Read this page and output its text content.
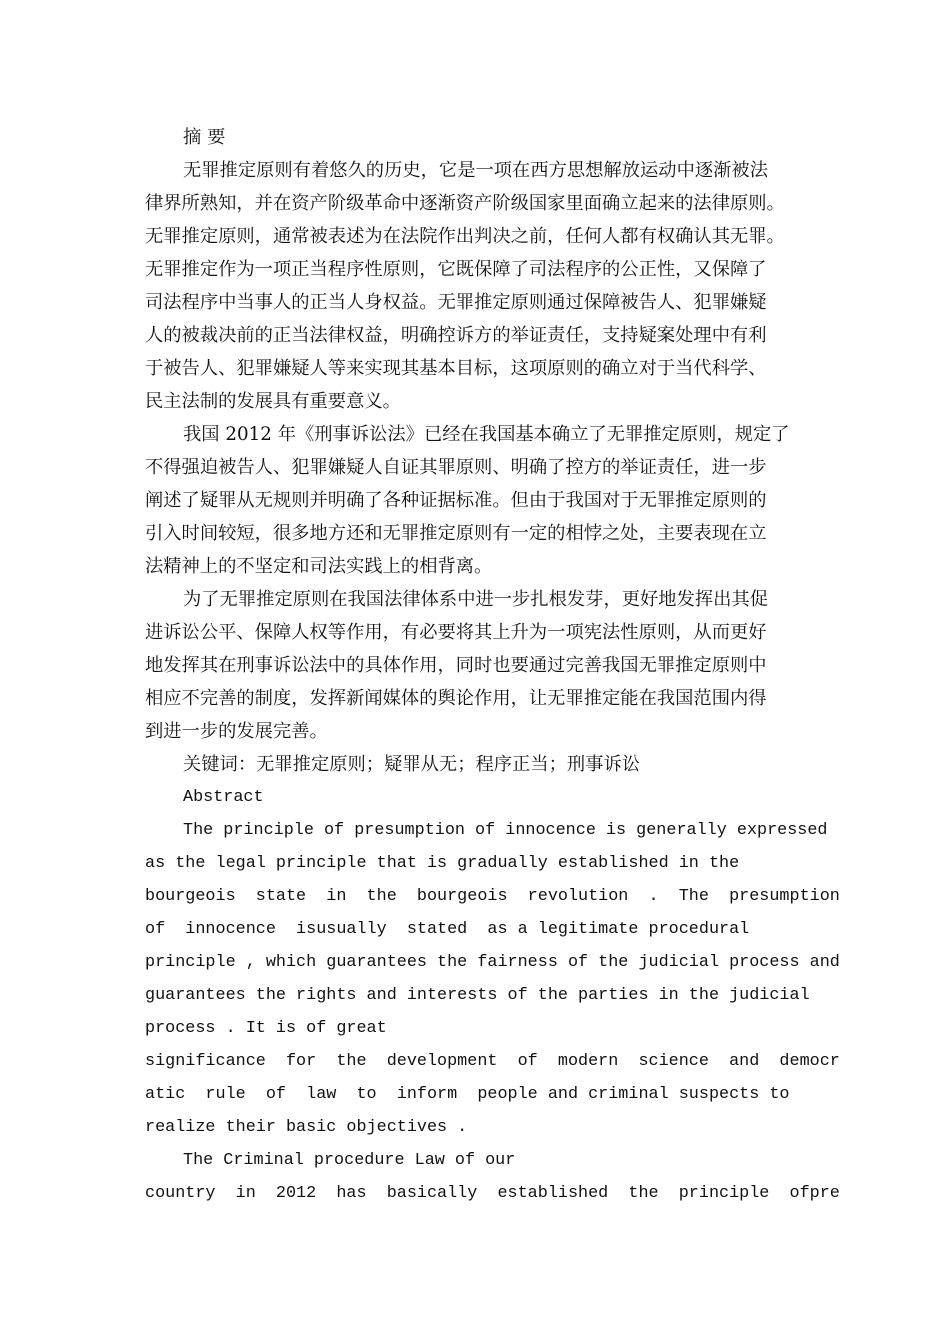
摘 要
无罪推定原则有着悠久的历史，它是一项在西方思想解放运动中逐渐被法
律界所熟知，并在资产阶级革命中逐渐资产阶级国家里面确立起来的法律原则。
无罪推定原则，通常被表述为在法院作出判决之前，任何人都有权确认其无罪。
无罪推定作为一项正当程序性原则，它既保障了司法程序的公正性，又保障了
司法程序中当事人的正当人身权益。无罪推定原则通过保障被告人、犯罪嫌疑
人的被裁决前的正当法律权益，明确控诉方的举证责任，支持疑案处理中有利
于被告人、犯罪嫌疑人等来实现其基本目标，这项原则的确立对于当代科学、
民主法制的发展具有重要意义。
我国 2012 年《刑事诉讼法》已经在我国基本确立了无罪推定原则，规定了
不得强迫被告人、犯罪嫌疑人自证其罪原则、明确了控方的举证责任，进一步
阐述了疑罪从无规则并明确了各种证据标准。但由于我国对于无罪推定原则的
引入时间较短，很多地方还和无罪推定原则有一定的相悖之处，主要表现在立
法精神上的不坚定和司法实践上的相背离。
为了无罪推定原则在我国法律体系中进一步扎根发芽，更好地发挥出其促
进诉讼公平、保障人权等作用，有必要将其上升为一项宪法性原则，从而更好
地发挥其在刑事诉讼法中的具体作用，同时也要通过完善我国无罪推定原则中
相应不完善的制度，发挥新闻媒体的舆论作用，让无罪推定能在我国范围内得
到进一步的发展完善。
关键词：无罪推定原则；疑罪从无；程序正当；刑事诉讼
Abstract
The principle of presumption of innocence is generally expressed
as the legal principle that is gradually established in the
bourgeois  state  in  the  bourgeois  revolution  .  The  presumption
of  innocence  isusually  stated  as a legitimate procedural
principle , which guarantees the fairness of the judicial process and
guarantees the rights and interests of the parties in the judicial
process . It is of great
significance  for  the  development  of  modern  science  and  democr
atic  rule  of  law  to  inform  people and criminal suspects to
realize their basic objectives .
The Criminal procedure Law of our
country  in  2012  has  basically  established  the  principle  ofpre
